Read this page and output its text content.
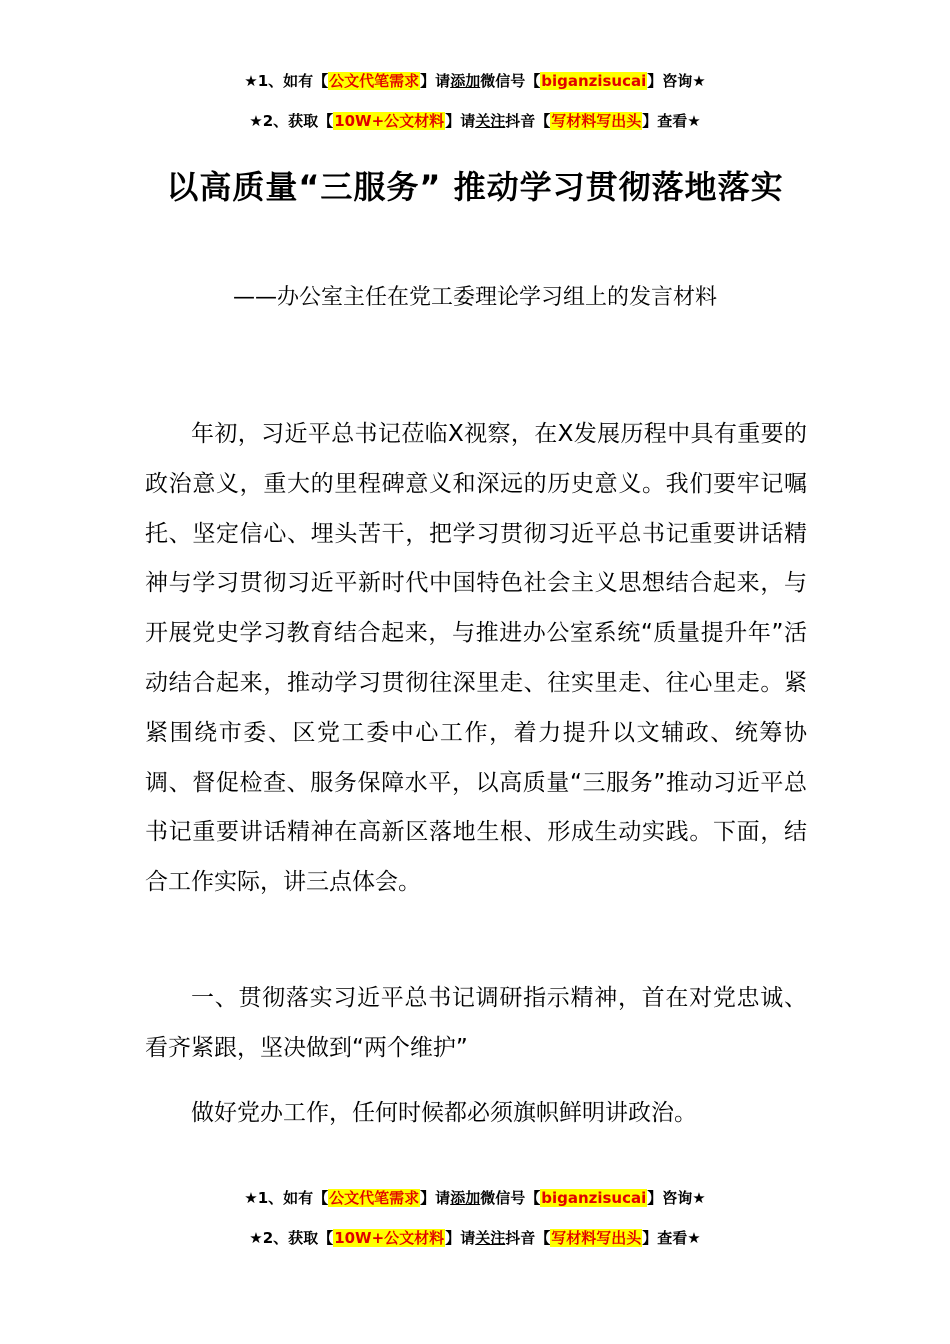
★1、如有【公文代笔需求】请添加微信号【biganzisucai】咨询★
★2、获取【10W+公文材料】请关注抖音【写材料写出头】查看★
以高质量“三服务” 推动学习贯彻落地落实
——办公室主任在党工委理论学习组上的发言材料

年初，习近平总书记莅临X视察，在X发展历程中具有重要的政治意义，重大的里程碑意义和深远的历史意义。我们要牢记嘱托、坚定信心、埋头苦干，把学习贯彻习近平总书记重要讲话精神与学习贯彻习近平新时代中国特色社会主义思想结合起来，与开展党史学习教育结合起来，与推进办公室系统“质量提升年”活动结合起来，推动学习贯彻往深里走、往实里走、往心里走。紧紧围绕市委、区党工委中心工作，着力提升以文辅政、统筹协调、督促检查、服务保障水平，以高质量“三服务”推动习近平总书记重要讲话精神在高新区落地生根、形成生动实践。下面，结合工作实际，讲三点体会。

一、贯彻落实习近平总书记调研指示精神，首在对党忠诚、看齐紧跟，坚决做到“两个维护”

做好党办工作，任何时候都必须旗帜鲜明讲政治。

★1、如有【公文代笔需求】请添加微信号【biganzisucai】咨询★
★2、获取【10W+公文材料】请关注抖音【写材料写出头】查看★
